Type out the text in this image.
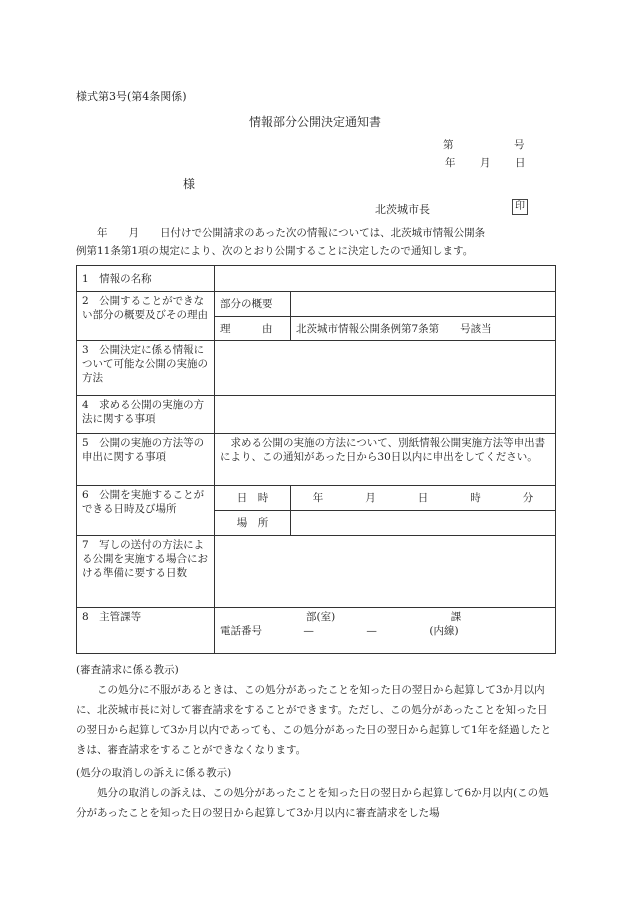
様式第3号(第4条関係)
情報部分公開決定通知書
第	号
年 月 日
様
北茨城市長	印

　　年　　月　　日付けで公開請求のあった次の情報については、北茨城市情報公開条

例第11条第1項の規定により、次のとおり公開することに決定したので通知します。

1　情報の名称		
2　公開することができない部分の概要及びその理由	部分の概要	
	理　　　由	北茨城市情報公開条例第7条第　　号該当
3　公開決定に係る情報について可能な公開の実施の方法		
4　求める公開の実施の方法に関する事項		
5　公開の実施の方法等の申出に関する事項	　求める公開の実施の方法について、別紙情報公開実施方法等申出書により、この通知があった日から30日以内に申出をしてください。	
6　公開を実施することができる日時及び場所	日　時	年　　　　月　　　　日　　　　時　　　　分
	場　所	
7　写しの送付の方法による公開を実施する場合における準備に要する日数		
8　主管課等	部(室)　　　　　　　　　　　課
電話番号 —　　　　　—　　　　　(内線)	

(審査請求に係る教示)

この処分に不服があるときは、この処分があったことを知った日の翌日から起算して3か月以内に、北茨城市長に対して審査請求をすることができます。ただし、この処分があったことを知った日の翌日から起算して3か月以内であっても、この処分があった日の翌日から起算して1年を経過したときは、審査請求をすることができなくなります。

(処分の取消しの訴えに係る教示)

処分の取消しの訴えは、この処分があったことを知った日の翌日から起算して6か月以内(この処分があったことを知った日の翌日から起算して3か月以内に審査請求をした場
